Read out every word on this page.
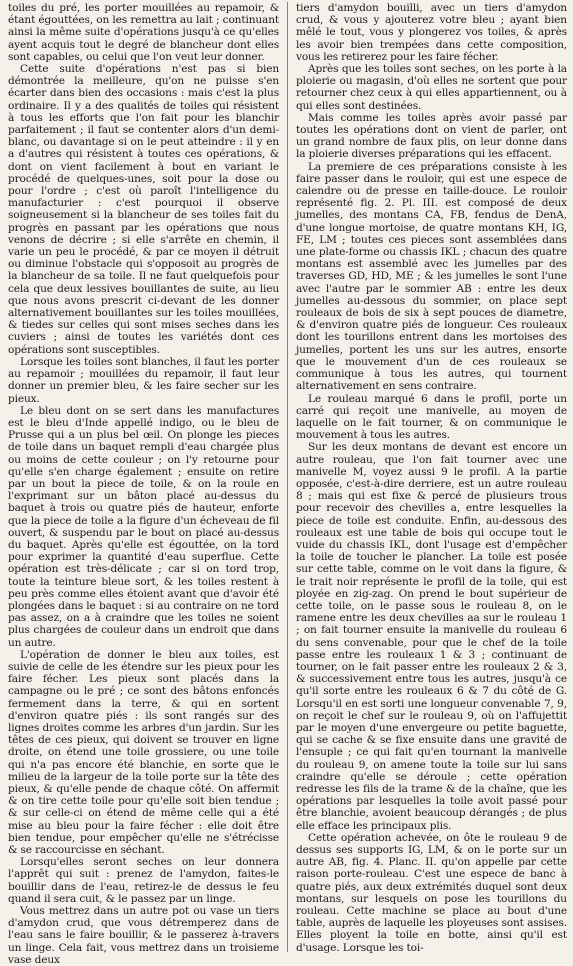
toiles du pré, les porter mouillées au repamoir, & étant égouttées, on les remettra au lait ; continuant ainsi la même suite d'opérations jusqu'à ce qu'elles ayent acquis tout le degré de blancheur dont elles sont capables, ou celui que l'on veut leur donner.

Cette suite d'opérations n'est pas si bien démontrée la meilleure, qu'on ne puisse s'en écarter dans bien des occasions : mais c'est la plus ordinaire. Il y a des qualités de toiles qui résistent à tous les efforts que l'on fait pour les blanchir parfaitement ; il faut se contenter alors d'un demi-blanc, ou davantage si on le peut atteindre : il y en a d'autres qui résistent à toutes ces opérations, & dont on vient facilement à bout en variant le procédé de quelques-unes, soit pour la dose ou pour l'ordre ; c'est où paroît l'intelligence du manufacturier : c'est pourquoi il observe soigneusement si la blancheur de ses toiles fait du progrès en passant par les opérations que nous venons de décrire ; si elle s'arrête en chemin, il varie un peu le procédé, & par ce moyen il détruit ou diminue l'obstacle qui s'opposoit au progrès de la blancheur de sa toile. Il ne faut quelquefois pour cela que deux lessives bouillantes de suite, au lieu que nous avons prescrit ci-devant de les donner alternativement bouillantes sur les toiles mouillées, & tiedes sur celles qui sont mises seches dans les cuviers ; ainsi de toutes les variétés dont ces opérations sont susceptibles.

Lorsque les toiles sont blanches, il faut les porter au repamoir ; mouillées du repamoir, il faut leur donner un premier bleu, & les faire secher sur les pieux.

Le bleu dont on se sert dans les manufactures est le bleu d'Inde appellé indigo, ou le bleu de Prusse qui a un plus bel œil. On plonge les pieces de toile dans un baquet rempli d'eau chargée plus ou moins de cette couleur ; on l'y retourne pour qu'elle s'en charge également ; ensuite on retire par un bout la piece de toile, & on la roule en l'exprimant sur un bâton placé au-dessus du baquet à trois ou quatre piés de hauteur, enforte que la piece de toile a la figure d'un écheveau de fil ouvert, & suspendu par le bout on placé au-dessus du baquet. Après qu'elle est égouttée, on la tord pour exprimer la quantité d'eau superflue. Cette opération est très-délicate ; car si on tord trop, toute la teinture bleue sort, & les toiles restent à peu près comme elles étoient avant que d'avoir été plongées dans le baquet : si au contraire on ne tord pas assez, on a à craindre que les toiles ne soient plus chargées de couleur dans un endroit que dans un autre.

L'opération de donner le bleu aux toiles, est suivie de celle de les étendre sur les pieux pour les faire fécher. Les pieux sont placés dans la campagne ou le pré ; ce sont des bâtons enfoncés fermement dans la terre, & qui en sortent d'environ quatre piés : ils sont rangés sur des lignes droites comme les arbres d'un jardin. Sur les têtes de ces pieux, qui doivent se trouver en ligne droite, on étend une toile grossiere, ou une toile qui n'a pas encore été blanchie, en sorte que le milieu de la largeur de la toile porte sur la tête des pieux, & qu'elle pende de chaque côté. On affermit & on tire cette toile pour qu'elle soit bien tendue ; & sur celle-ci on étend de même celle qui a été mise au bleu pour la faire fécher : elle doit être bien tendue, pour empêcher qu'elle ne s'étrécisse & se raccourcisse en séchant.

Lorsqu'elles seront seches on leur donnera l'apprêt qui suit : prenez de l'amydon, faites-le bouillir dans de l'eau, retirez-le de dessus le feu quand il sera cuit, & le passez par un linge.

Vous mettrez dans un autre pot ou vase un tiers d'amydon crud, que vous détremperez dans de l'eau sans le faire bouillir, & le passerez à-travers un linge. Cela fait, vous mettrez dans un troisieme vase deux

tiers d'amydon bouilli, avec un tiers d'amydon crud, & vous y ajouterez votre bleu ; ayant bien mêlé le tout, vous y plongerez vos toiles, & après les avoir bien trempées dans cette composition, vous les retirerez pour les faire fécher.

Après que les toiles sont seches, on les porte à la ploierie ou magasin, d'où elles ne sortent que pour retourner chez ceux à qui elles appartiennent, ou à qui elles sont destinées.

Mais comme les toiles après avoir passé par toutes les opérations dont on vient de parler, ont un grand nombre de faux plis, on leur donne dans la ploierie diverses préparations qui les effacent.

La premiere de ces préparations consiste à les faire passer dans le rouloir, qui est une espece de calendre ou de presse en taille-douce. Le rouloir représenté fig. 2. Pl. III. est composé de deux jumelles, des montans CA, FB, fendus de DenA, d'une longue mortoise, de quatre montans KH, IG, FE, LM ; toutes ces pieces sont assemblées dans une plate-forme ou chassis IKL ; chacun des quatre montans est assemblé avec les jumelles par des traverses GD, HD, ME ; & les jumelles le sont l'une avec l'autre par le sommier AB : entre les deux jumelles au-dessous du sommier, on place sept rouleaux de bois de six à sept pouces de diametre, & d'environ quatre piés de longueur. Ces rouleaux dont les tourillons entrent dans les mortoises des jumelles, portent les uns sur les autres, ensorte que le mouvement d'un de ces rouleaux se communique à tous les autres, qui tournent alternativement en sens contraire.

Le rouleau marqué 6 dans le profil, porte un carré qui reçoit une manivelle, au moyen de laquelle on le fait tourner, & on communique le mouvement à tous les autres.

Sur les deux montans de devant est encore un autre rouleau, que l'on fait tourner avec une manivelle M, voyez aussi 9 le profil. A la partie opposée, c'est-à-dire derriere, est un autre rouleau 8 ; mais qui est fixe & percé de plusieurs trous pour recevoir des chevilles a, entre lesquelles la piece de toile est conduite. Enfin, au-dessous des rouleaux est une table de bois qui occupe tout le vuide du chassis IKL, dont l'usage est d'empêcher la toile de toucher le plancher. La toile est posée sur cette table, comme on le voit dans la figure, & le trait noir représente le profil de la toile, qui est ployée en zig-zag. On prend le bout supérieur de cette toile, on le passe sous le rouleau 8, on le ramene entre les deux chevilles aa sur le rouleau 1 ; on fait tourner ensuite la manivelle du rouleau 6 du sens convenable, pour que le chef de la toile passe entre les rouleaux 1 & 3 ; continuant de tourner, on le fait passer entre les rouleaux 2 & 3, & successivement entre tous les autres, jusqu'à ce qu'il sorte entre les rouleaux 6 & 7 du côté de G. Lorsqu'il en est sorti une longueur convenable 7, 9, on reçoit le chef sur le rouleau 9, où on l'affujettit par le moyen d'une envergeure ou petite baguette, qui se cache & se fixe ensuite dans une gravité de l'ensuple ; ce qui fait qu'en tournant la manivelle du rouleau 9, on amene toute la toile sur lui sans craindre qu'elle se déroule ; cette opération redresse les fils de la trame & de la chaîne, que les opérations par lesquelles la toile avoit passé pour être blanchie, avoient beaucoup dérangés ; de plus elle efface les principaux plis.

Cette opération achevée, on ôte le rouleau 9 de dessus ses supports IG, LM, & on le porte sur un autre AB, fig. 4. Planc. II. qu'on appelle par cette raison porte-rouleau. C'est une espece de banc à quatre piés, aux deux extrémités duquel sont deux montans, sur lesquels on pose les tourillons du rouleau. Cette machine se place au bout d'une table, auprès de laquelle les ployeuses sont assises. Elles ployent la toile en botte, ainsi qu'il est d'usage. Lorsque les toi-
